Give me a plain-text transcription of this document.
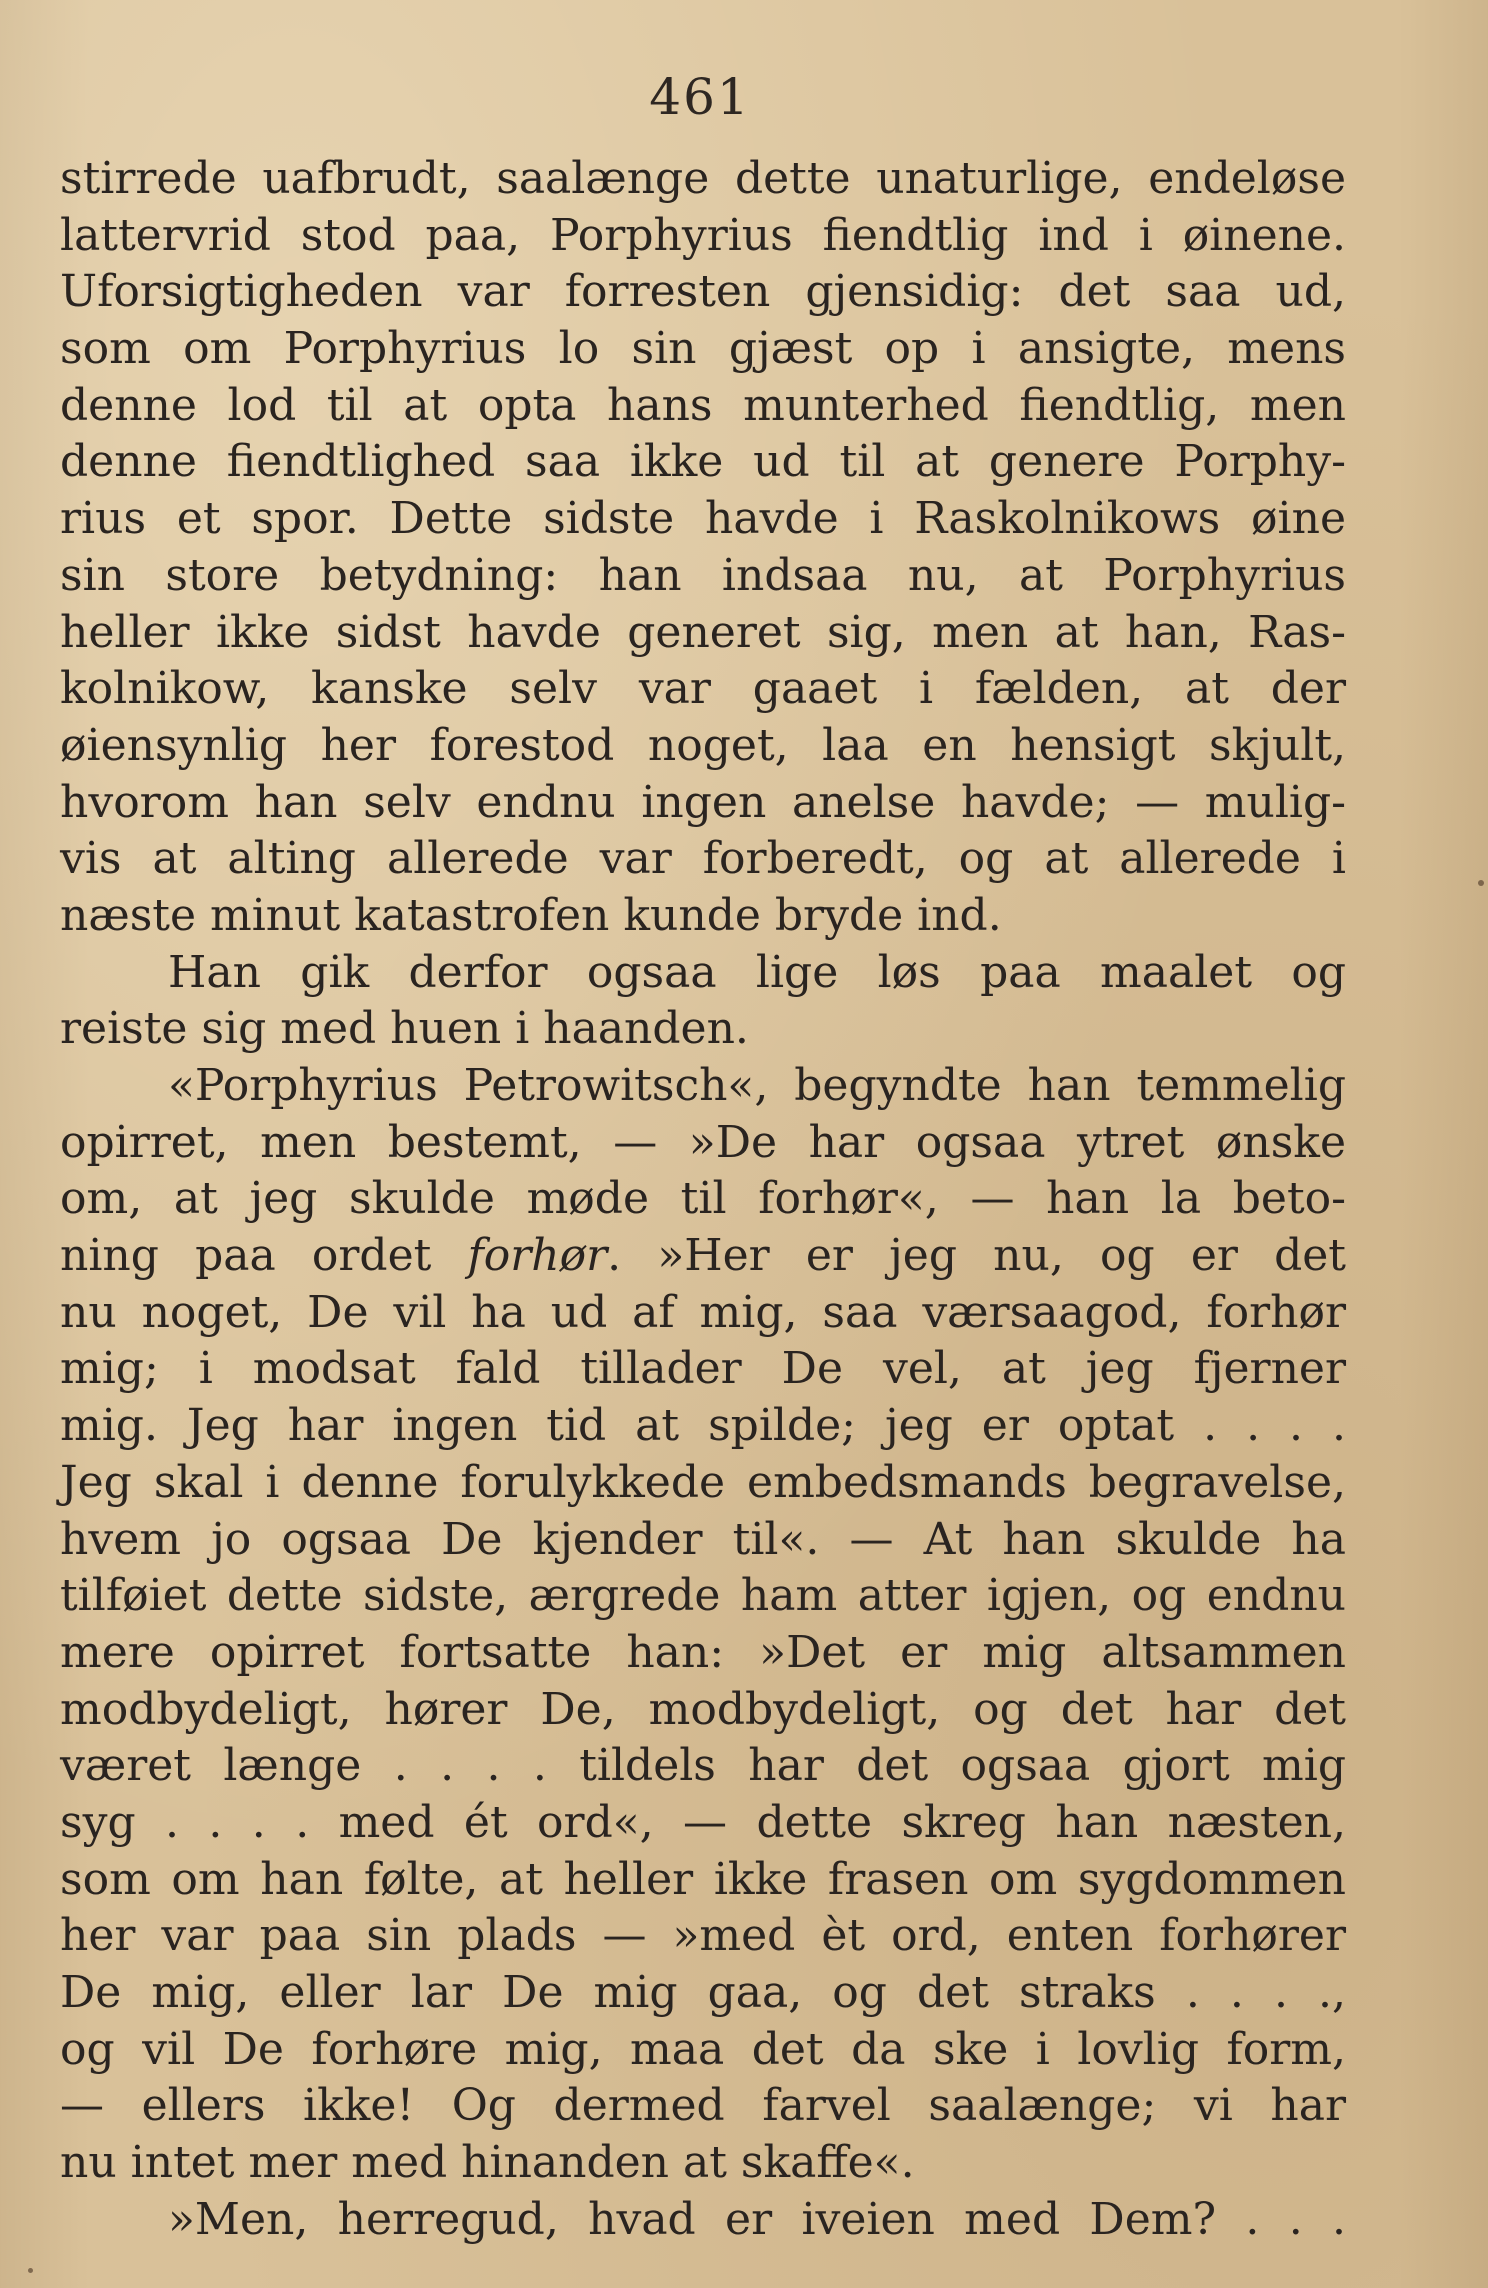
461
stirrede uafbrudt, saalænge dette unaturlige, endeløse
lattervrid stod paa, Porphyrius fiendtlig ind i øinene.
Uforsigtigheden var forresten gjensidig: det saa ud,
som om Porphyrius lo sin gjæst op i ansigte, mens
denne lod til at opta hans munterhed fiendtlig, men
denne fiendtlighed saa ikke ud til at genere Porphy-
rius et spor. Dette sidste havde i Raskolnikows øine
sin store betydning: han indsaa nu, at Porphyrius
heller ikke sidst havde generet sig, men at han, Ras-
kolnikow, kanske selv var gaaet i fælden, at der
øiensynlig her forestod noget, laa en hensigt skjult,
hvorom han selv endnu ingen anelse havde; — mulig-
vis at alting allerede var forberedt, og at allerede i
næste minut katastrofen kunde bryde ind.
Han gik derfor ogsaa lige løs paa maalet og
reiste sig med huen i haanden.
«Porphyrius Petrowitsch«, begyndte han temmelig
opirret, men bestemt, — »De har ogsaa ytret ønske
om, at jeg skulde møde til forhør«, — han la beto-
ning paa ordet forhør. »Her er jeg nu, og er det
nu noget, De vil ha ud af mig, saa værsaagod, forhør
mig; i modsat fald tillader De vel, at jeg fjerner
mig. Jeg har ingen tid at spilde; jeg er optat . . . .
Jeg skal i denne forulykkede embedsmands begravelse,
hvem jo ogsaa De kjender til«. — At han skulde ha
tilføiet dette sidste, ærgrede ham atter igjen, og endnu
mere opirret fortsatte han: »Det er mig altsammen
modbydeligt, hører De, modbydeligt, og det har det
været længe . . . . tildels har det ogsaa gjort mig
syg . . . . med ét ord«, — dette skreg han næsten,
som om han følte, at heller ikke frasen om sygdommen
her var paa sin plads — »med èt ord, enten forhører
De mig, eller lar De mig gaa, og det straks . . . .,
og vil De forhøre mig, maa det da ske i lovlig form,
— ellers ikke! Og dermed farvel saalænge; vi har
nu intet mer med hinanden at skaffe«.
»Men, herregud, hvad er iveien med Dem? . . .
